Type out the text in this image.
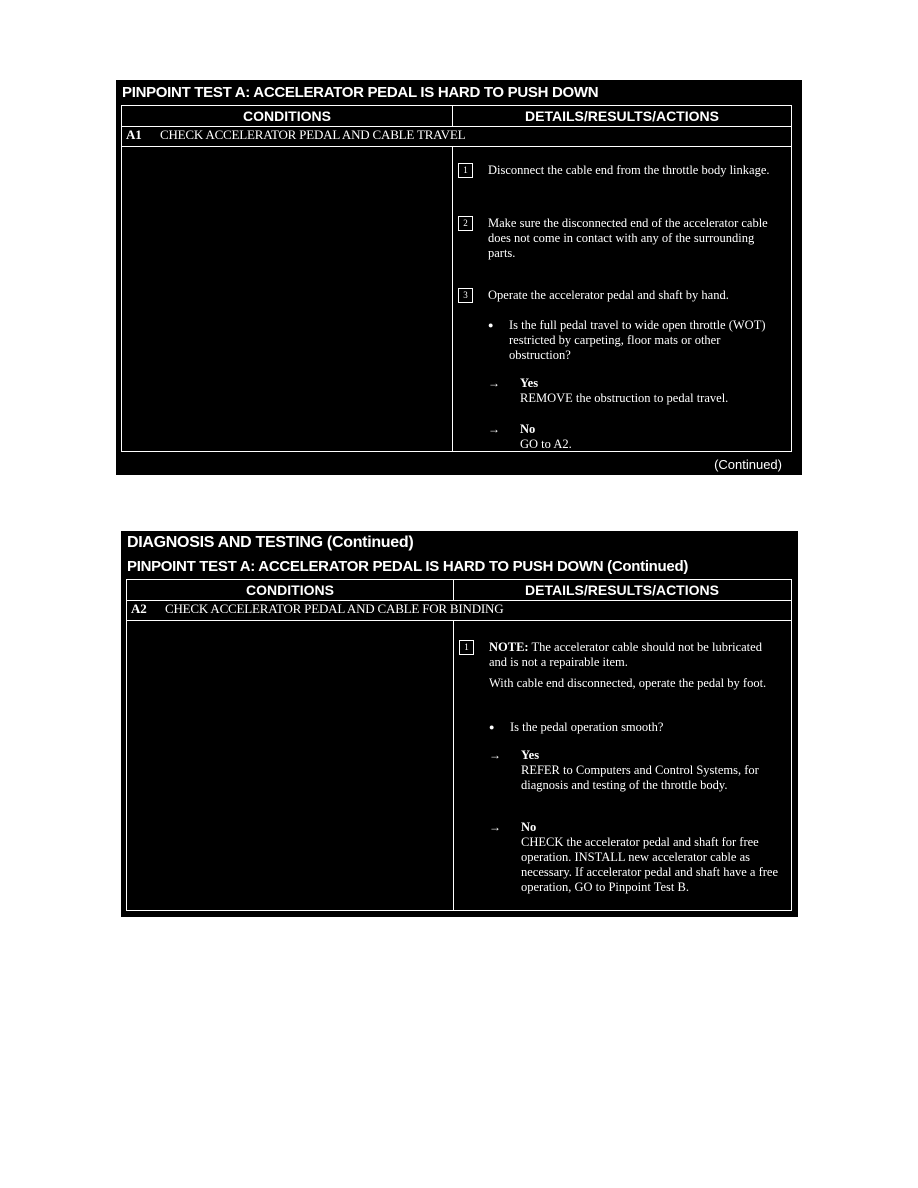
PINPOINT TEST A: ACCELERATOR PEDAL IS HARD TO PUSH DOWN
CONDITIONS	DETAILS/RESULTS/ACTIONS
A1 CHECK ACCELERATOR PEDAL AND CABLE TRAVEL
1	Disconnect the cable end from the throttle body linkage.
2	Make sure the disconnected end of the accelerator cable does not come in contact with any of the surrounding parts.
3	Operate the accelerator pedal and shaft by hand.
● Is the full pedal travel to wide open throttle (WOT) restricted by carpeting, floor mats or other obstruction?
→ Yes
REMOVE the obstruction to pedal travel.
→ No
GO to A2.
(Continued)
DIAGNOSIS AND TESTING (Continued)
PINPOINT TEST A: ACCELERATOR PEDAL IS HARD TO PUSH DOWN (Continued)
CONDITIONS	DETAILS/RESULTS/ACTIONS
A2 CHECK ACCELERATOR PEDAL AND CABLE FOR BINDING
1	NOTE: The accelerator cable should not be lubricated and is not a repairable item.
With cable end disconnected, operate the pedal by foot.
● Is the pedal operation smooth?
→ Yes
REFER to Computers and Control Systems, for diagnosis and testing of the throttle body.
→ No
CHECK the accelerator pedal and shaft for free operation. INSTALL new accelerator cable as necessary. If accelerator pedal and shaft have a free operation, GO to Pinpoint Test B.
